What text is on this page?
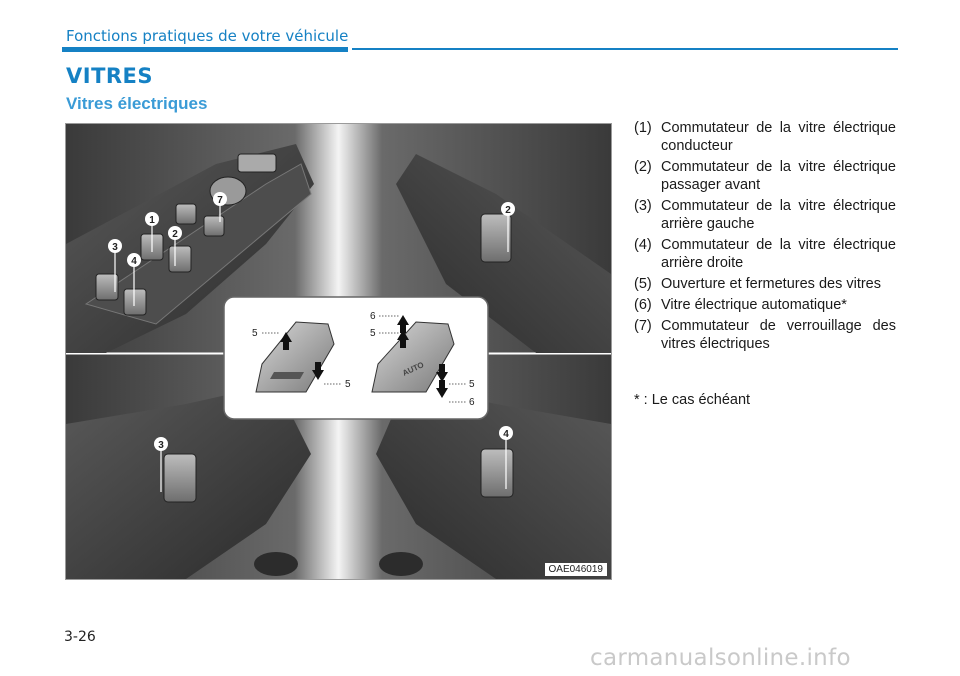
Fonctions pratiques de votre véhicule
VITRES
Vitres électriques
1
2
3
4
7
2
3
4
AUTO
5
5
6
5
5
6
OAE046019
(1) Commutateur de la vitre électrique conducteur
(2) Commutateur de la vitre électrique passager avant
(3) Commutateur de la vitre électrique arrière gauche
(4) Commutateur de la vitre électrique arrière droite
(5) Ouverture et fermetures des vitres
(6) Vitre électrique automatique*
(7) Commutateur de verrouillage des vitres électriques
* : Le cas échéant
3-26
carmanualsonline.info
